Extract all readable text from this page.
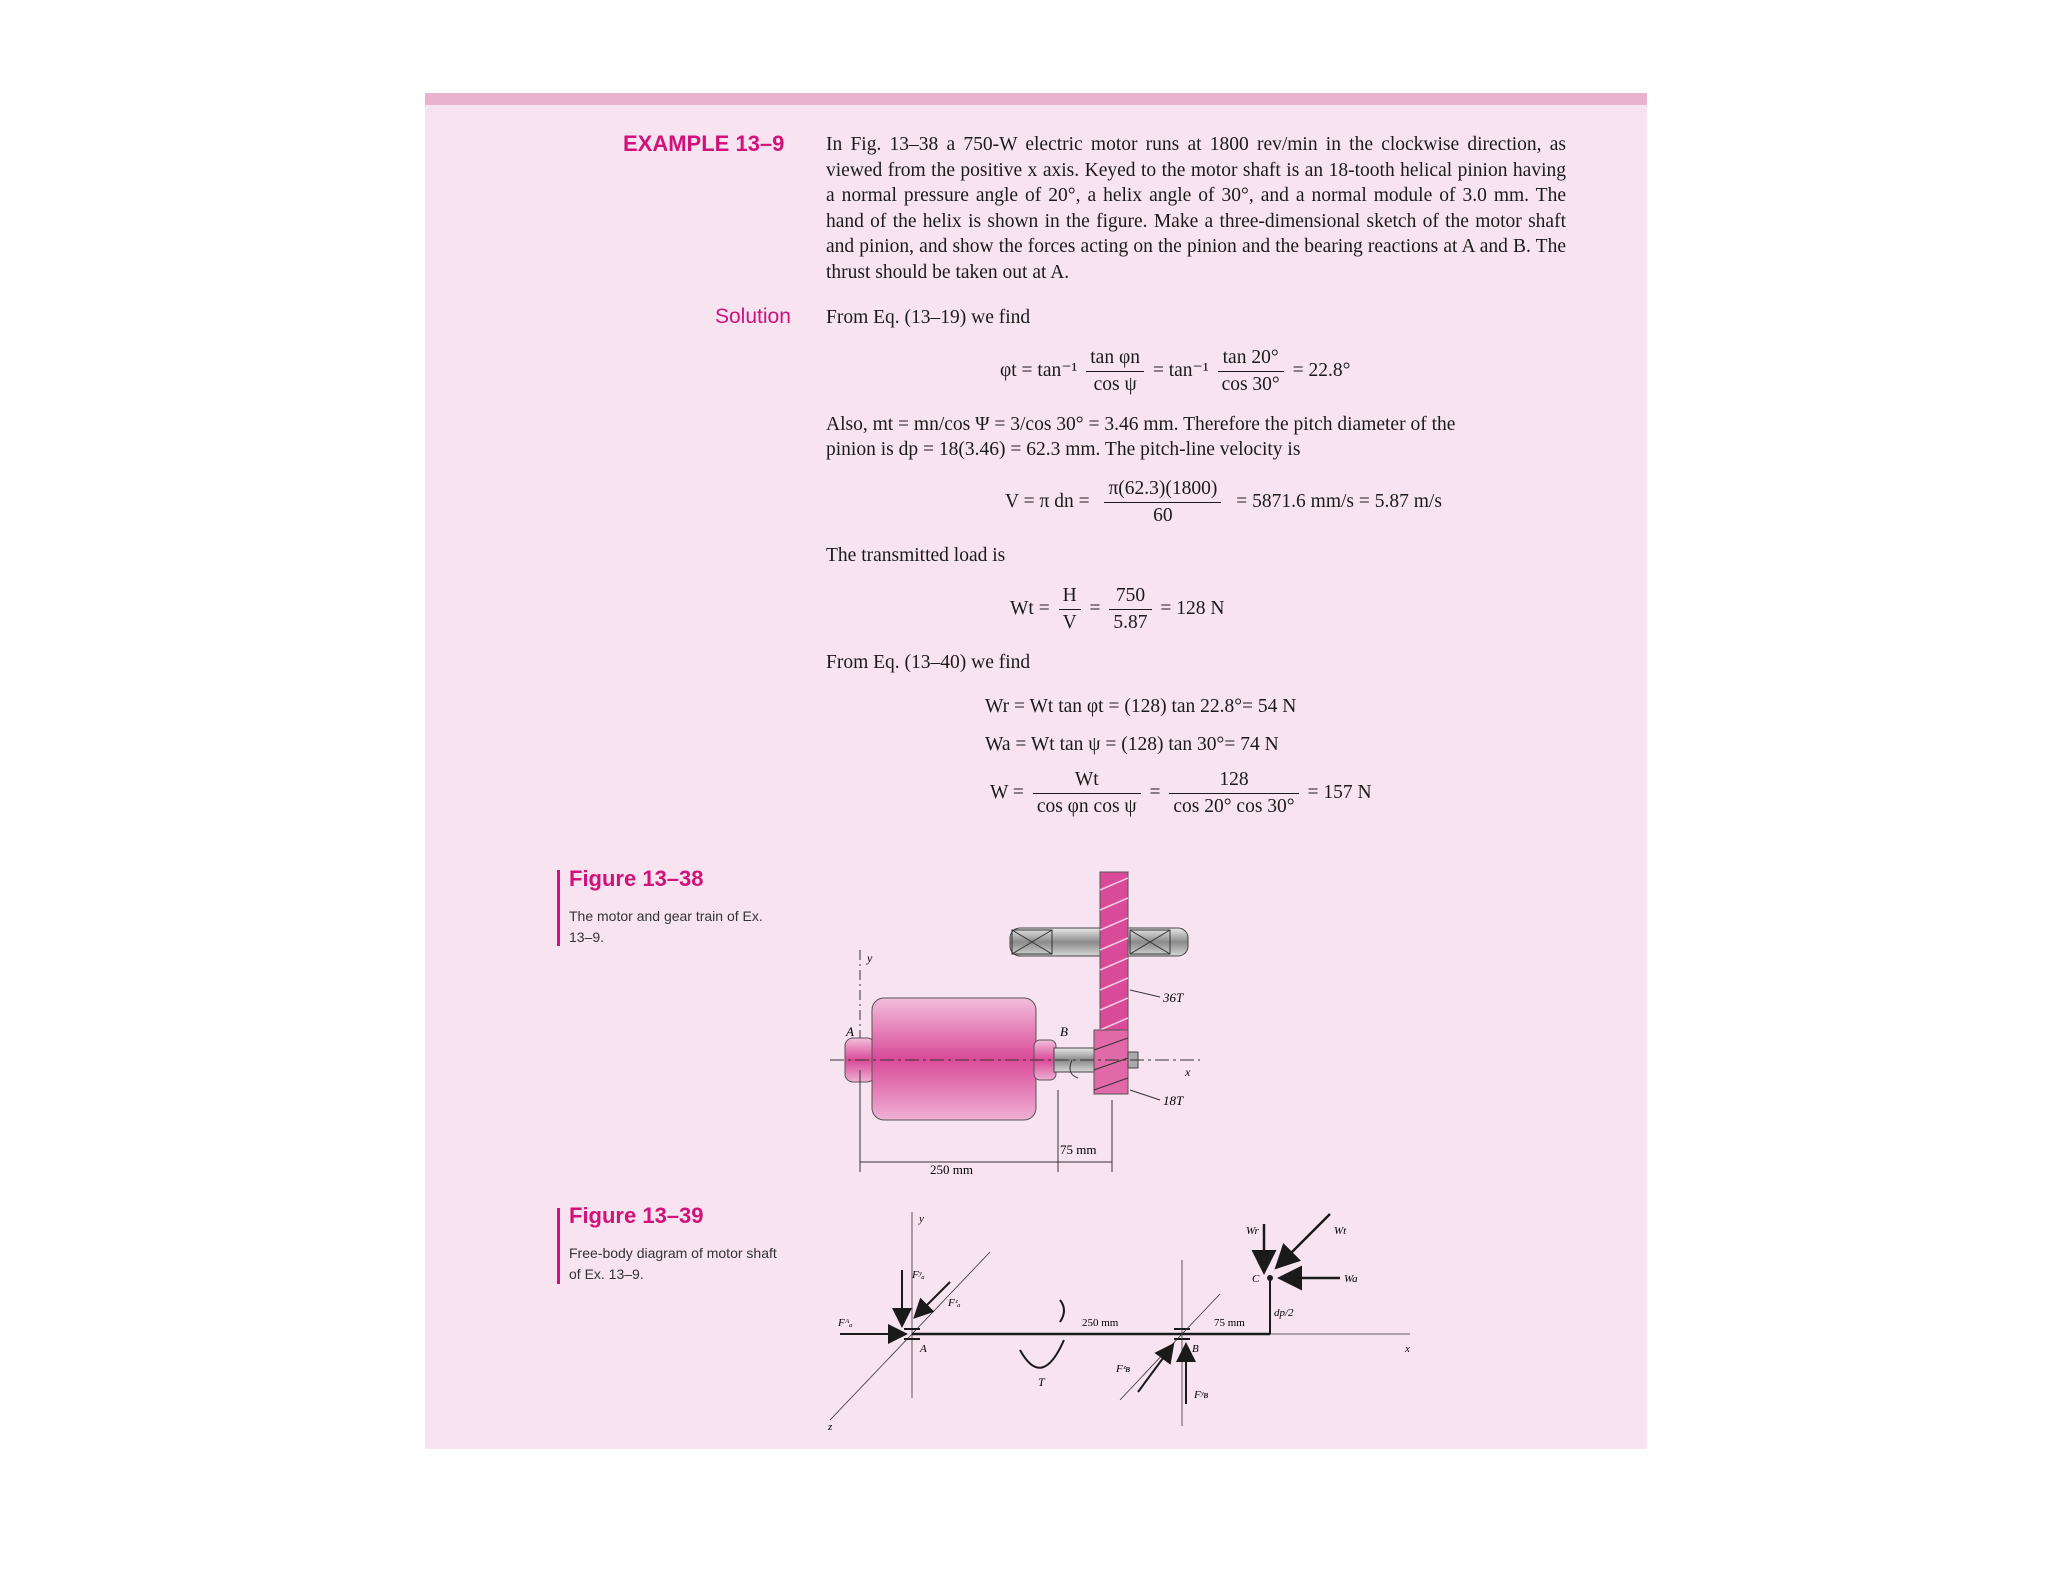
EXAMPLE 13–9 In Fig. 13–38 a 750-W electric motor runs at 1800 rev/min in the clockwise direction, as viewed from the positive x axis. Keyed to the motor shaft is an 18-tooth helical pinion having a normal pressure angle of 20°, a helix angle of 30°, and a normal module of 3.0 mm. The hand of the helix is shown in the figure. Make a three-dimensional sketch of the motor shaft and pinion, and show the forces acting on the pinion and the bearing reactions at A and B. The thrust should be taken out at A.
Solution From Eq. (13–19) we find
$\varphi t = \tan^{-1} \frac{\text{tan φn}}{\text{cos ψ}} = \tan^{-1} \frac{\tan 20^\circ}{\cos 30^\circ} = 22.8^\circ$
Also, mt = mn/cos Ψ = 3/cos 30° = 3.46 mm. Therefore the pitch diameter of the
pinion is dp = 18(3.46) = 62.3 mm. The pitch-line velocity is
V = π dn = $\frac{\pi(62.3)(1800)}{60} = 5871.6$ mm/s = 5.87 m/s
The transmitted load is
$Wt = \frac{H}{V} = \frac{750}{5.87} = 128$ N
From Eq. (13–40) we find
Wr = Wt tan φt = (128) tan 22.8°= 54 N
Wa = Wt tan ψ = (128) tan 30°= 74 N
$W = \frac{Wt}{\text{cos φn cos ψ}} = \frac{128}{\cos 20^\circ \cos 30^\circ} = 157$ N
Figure 13–38
The motor and gear train of Ex. 13–9.
y
A	B
x
36T
18T
250 mm
75 mm
Figure 13–39
Free-body diagram of motor shaft of Ex. 13–9.
y
x
z
A	B
C
T
Fᴬₐ
Fʸₐ
Fᶻₐ
Fᶻʙ
Fʸʙ
Wr	Wt
Wa
dp/2
250 mm	75 mm
